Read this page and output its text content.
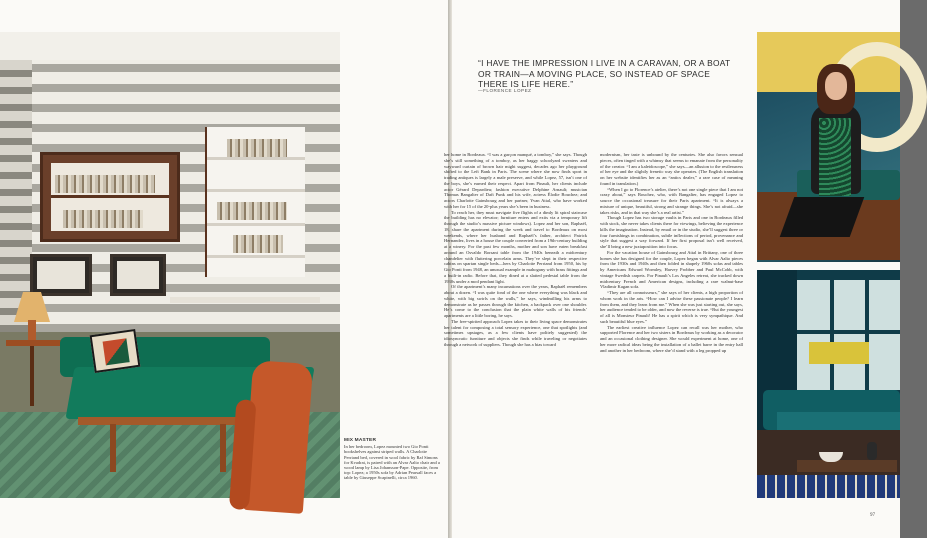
MIX MASTER
In her bedroom, Lopez mounted two Gio Ponti bookshelves against striped walls. A Charlotte Perriand bed, covered in wool fabric by Raf Simons for Kvadrat, is paired with an Alvar Aalto chair and a wood lamp by Lisa Johansson-Pape. Opposite, from top: Lopez; a 1950s sofa by Adrian Pearsall faces a table by Giuseppe Scapinelli, circa 1960.
“I HAVE THE IMPRESSION I LIVE IN A CARAVAN, OR A BOAT OR TRAIN—A MOVING PLACE, SO INSTEAD OF SPACE THERE IS LIFE HERE.”
—FLORENCE LOPEZ

her home in Bordeaux. “I was a garçon manqué, a tomboy,” she says. Though she’s still something of a tomboy, as her baggy schoolyard sweaters and wayward curtain of brown hair might suggest, decades ago her playground shifted to the Left Bank in Paris. The scene where she now finds sport in trading antiques is largely a male preserve, and while Lopez, 57, isn’t one of the boys, she’s earned their respect. Apart from Pinault, her clients include actor Gérard Depardieu; fashion executive Delphine Arnault; musician Thomas Bangalter of Daft Punk and his wife, actress Élodie Bouchez; and actors Charlotte Gainsbourg and her partner, Yvan Attal, who have worked with her for 15 of the 20-plus years she’s been in business.

To reach her, they must navigate five flights of a dimly lit spiral staircase the building has no elevator; furniture enters and exits via a temporary lift through the studio’s massive picture windows). Lopez and her son, Raphaël, 18, share the apartment during the week and travel to Bordeaux on most weekends, where her husband and Raphaël’s father, architect Patrick Hernandez, lives in a house the couple converted from a 19th-century building at a winery. For the past few months, mother and son have eaten breakfast around an Osvaldo Borsani table from the 1940s beneath a midcentury chandelier with fluttering porcelain arms. They’ve slept in their respective cabins on spartan single beds—hers by Charlotte Perriand from 1950, his by Gio Ponti from 1948, an unusual example in mahogany with brass fittings and a built-in radio. Before that, they dined at a slatted pedestal table from the 1930s under a mod pendant light.

Of the apartment’s many incarnations over the years, Raphaël remembers about a dozen. “I was quite fond of the one where everything was black and white, with big swirls on the walls,” he says, windmilling his arms to demonstrate as he passes through the kitchen, a backpack over one shoulder. He’s come to the conclusion that the plain white walls of his friends’ apartments are a little boring, he says.

The free-spirited approach Lopez takes to their living space demonstrates her talent for composing a total sensory experience, one that spotlights (and sometimes upstages, as a few clients have politely suggested) the idiosyncratic furniture and objects she finds while traveling or negotiates through a network of suppliers. Though she has a bias toward

modernism, her taste is unbound by the centuries. She also favors sensual pieces, often tinged with a whimsy that seems to emanate from the personality of the creator. “I am a kaleidoscope,” she says—an allusion to the restlessness of her eye and the slightly frenetic way she operates. (The English translation on her website identifies her as an “antics dealer,” a rare case of meaning found in translation.)

“When I go to Florence’s atelier, there’s not one single piece that I am not crazy about,” says Bouchez, who, with Bangalter, has engaged Lopez to source the occasional treasure for their Paris apartment. “It is always a mixture of unique, beautiful, strong and strange things. She’s not afraid—she takes risks, and in that way she’s a real artist.”

Though Lopez has two storage vaults in Paris and one in Bordeaux filled with stock, she never takes clients there for viewings, believing the experience kills the imagination. Instead, by email or in the studio, she’ll suggest three or four furnishings in combination, subtle inflections of period, provenance and style that suggest a way forward. If her first proposal isn’t well received, she’ll bring a new juxtaposition into focus.

For the vacation house of Gainsbourg and Attal in Brittany, one of three homes she has designed for the couple, Lopez began with Alvar Aalto pieces from the 1930s and 1940s and then folded in shapely 1960s sofas and tables by Americans Edward Wormley, Harvey Probber and Paul McCobb, with vintage Swedish carpets. For Pinault’s Los Angeles retreat, she tracked down midcentury French and American designs, including a rare walnut-base Vladimir Kagan sofa.

“They are all connoisseurs,” she says of her clients, a high proportion of whom work in the arts. “How can I advise these passionate people? I learn from them, and they learn from me.” When she was just starting out, she says, her audience tended to be older, and now the reverse is true. “But the youngest of all is Monsieur Pinault! He has a spirit which is very sympathique. And such beautiful blue eyes.”

The earliest creative influence Lopez can recall was her mother, who supported Florence and her two sisters in Bordeaux by working as a decorator and an occasional clothing designer. She would experiment at home, one of her more radical ideas being the installation of a ballet barre in the entry hall and another in her bedroom, where she’d stand with a leg propped up

97
